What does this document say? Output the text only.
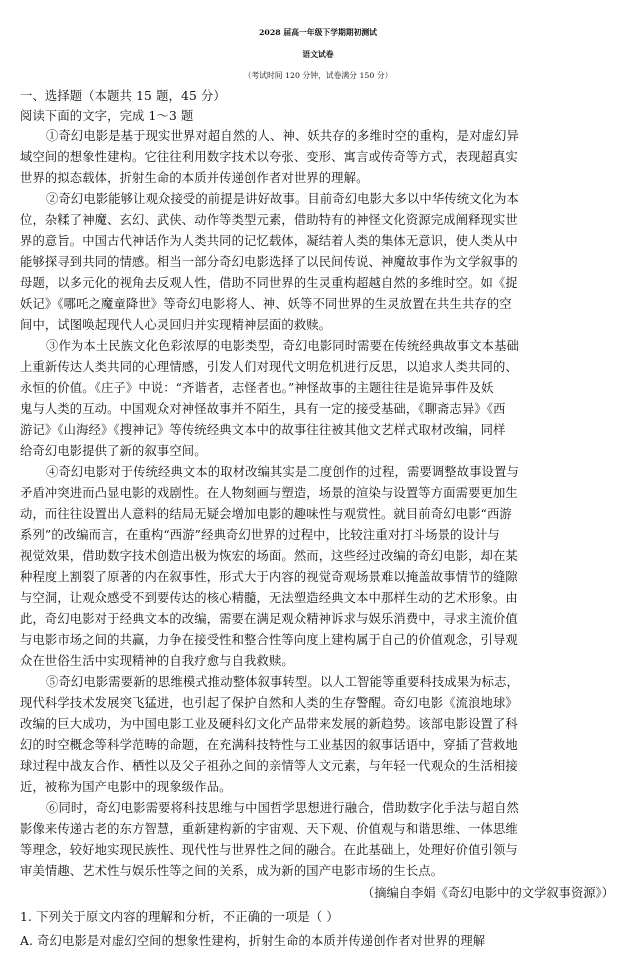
2028 届高一年级下学期期初测试
语文试卷
（考试时间 120 分钟，试卷满分 150 分）
一、选择题（本题共 15 题，45 分）
阅读下面的文字，完成 1～3 题
①奇幻电影是基于现实世界对超自然的人、神、妖共存的多维时空的重构，是对虚幻异
域空间的想象性建构。它往往利用数字技术以夸张、变形、寓言或传奇等方式，表现超真实
世界的拟态载体，折射生命的本质并传递创作者对世界的理解。
②奇幻电影能够让观众接受的前提是讲好故事。目前奇幻电影大多以中华传统文化为本
位，杂糅了神魔、玄幻、武侠、动作等类型元素，借助特有的神怪文化资源完成阐释现实世
界的意旨。中国古代神话作为人类共同的记忆载体，凝结着人类的集体无意识，使人类从中
能够探寻到共同的情感。相当一部分奇幻电影选择了以民间传说、神魔故事作为文学叙事的
母题，以多元化的视角去反观人性，借助不同世界的生灵重构超越自然的多维时空。如《捉
妖记》《哪吒之魔童降世》等奇幻电影将人、神、妖等不同世界的生灵放置在共生共存的空
间中，试图唤起现代人心灵回归并实现精神层面的救赎。
③作为本土民族文化色彩浓厚的电影类型，奇幻电影同时需要在传统经典故事文本基础
上重新传达人类共同的心理情感，引发人们对现代文明危机进行反思，以追求人类共同的、
永恒的价值。《庄子》中说：“齐谐者，志怪者也。”神怪故事的主题往往是诡异事件及妖
鬼与人类的互动。中国观众对神怪故事并不陌生，具有一定的接受基础，《聊斋志异》《西
游记》《山海经》《搜神记》等传统经典文本中的故事往往被其他文艺样式取材改编，同样
给奇幻电影提供了新的叙事空间。
④奇幻电影对于传统经典文本的取材改编其实是二度创作的过程，需要调整故事设置与
矛盾冲突进而凸显电影的戏剧性。在人物刻画与塑造，场景的渲染与设置等方面需要更加生
动，而往往设置出人意料的结局无疑会增加电影的趣味性与观赏性。就目前奇幻电影“西游
系列”的改编而言，在重构“西游”经典奇幻世界的过程中，比较注重对打斗场景的设计与
视觉效果，借助数字技术创造出极为恢宏的场面。然而，这些经过改编的奇幻电影，却在某
种程度上割裂了原著的内在叙事性，形式大于内容的视觉奇观场景难以掩盖故事情节的缝隙
与空洞，让观众感受不到要传达的核心精髓，无法塑造经典文本中那样生动的艺术形象。由
此，奇幻电影对于经典文本的改编，需要在满足观众精神诉求与娱乐消费中，寻求主流价值
与电影市场之间的共赢，力争在接受性和整合性等向度上建构属于自己的价值观念，引导观
众在世俗生活中实现精神的自我疗愈与自我救赎。
⑤奇幻电影需要新的思维模式推动整体叙事转型。以人工智能等重要科技成果为标志，
现代科学技术发展突飞猛进，也引起了保护自然和人类的生存警醒。奇幻电影《流浪地球》
改编的巨大成功，为中国电影工业及硬科幻文化产品带来发展的新趋势。该部电影设置了科
幻的时空概念等科学范畴的命题，在充满科技特性与工业基因的叙事话语中，穿插了营救地
球过程中战友合作、栖性以及父子祖孙之间的亲情等人文元素，与年轻一代观众的生活相接
近，被称为国产电影中的现象级作品。
⑥同时，奇幻电影需要将科技思维与中国哲学思想进行融合，借助数字化手法与超自然
影像来传递古老的东方智慧，重新建构新的宇宙观、天下观、价值观与和谐思维、一体思维
等理念，较好地实现民族性、现代性与世界性之间的融合。在此基础上，处理好价值引领与
审美情趣、艺术性与娱乐性等之间的关系，成为新的国产电影市场的生长点。
（摘编自李娟《奇幻电影中的文学叙事资源》）
1. 下列关于原文内容的理解和分析，不正确的一项是（ ）
A. 奇幻电影是对虚幻空间的想象性建构，折射生命的本质并传递创作者对世界的理解
